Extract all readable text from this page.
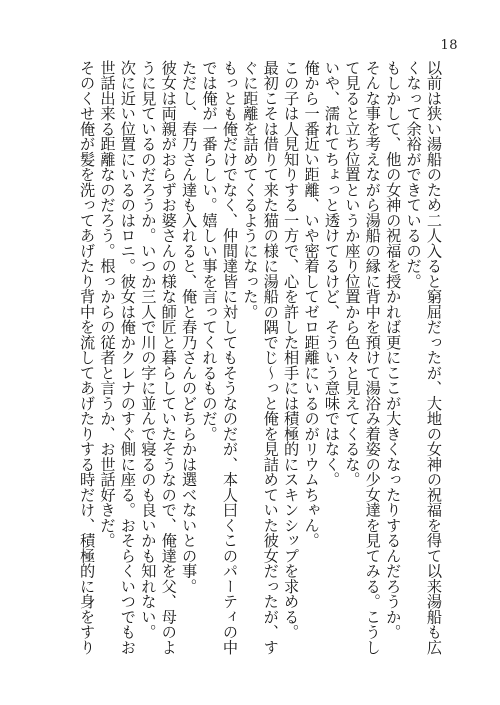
18
以前は狭い湯船のため二人入ると窮屈だったが、大地の女神の祝福を得て以来湯船も広
くなって余裕ができているのだ。
もしかして、他の女神の祝福を授かれば更にここが大きくなったりするんだろうか。
そんな事を考えながら湯船の縁に背中を預けて湯浴み着姿の少女達を見てみる。こうし
て見ると立ち位置というか座り位置から色々と見えてくるな。
いや、濡れてちょっと透けてるけど、そういう意味ではなく。
俺から一番近い距離、いや密着してゼロ距離にいるのがリウムちゃん。
この子は人見知りする一方で、心を許した相手には積極的にスキンシップを求める。
最初こそは借りて来た猫の様に湯船の隅でじ～っと俺を見詰めていた彼女だったが、す
ぐに距離を詰めてくるようになった。
もっとも俺だけでなく、仲間達皆に対してもそうなのだが、本人曰くこのパーティの中
では俺が一番らしい。嬉しい事を言ってくれるものだ。
ただし、春乃さん達も入れると、俺と春乃さんのどちらかは選べないとの事。
彼女は両親がおらずお婆さんの様な師匠と暮らしていたそうなので、俺達を父、母のよ
うに見ているのだろうか。いつか三人で川の字に並んで寝るのも良いかも知れない。
次に近い位置にいるのはロニ。彼女は俺かクレナのすぐ側に座る。おそらくいつでもお
世話出来る距離なのだろう。根っからの従者と言うか、お世話好きだ。
そのくせ俺が髪を洗ってあげたり背中を流してあげたりする時だけ、積極的に身をすり
